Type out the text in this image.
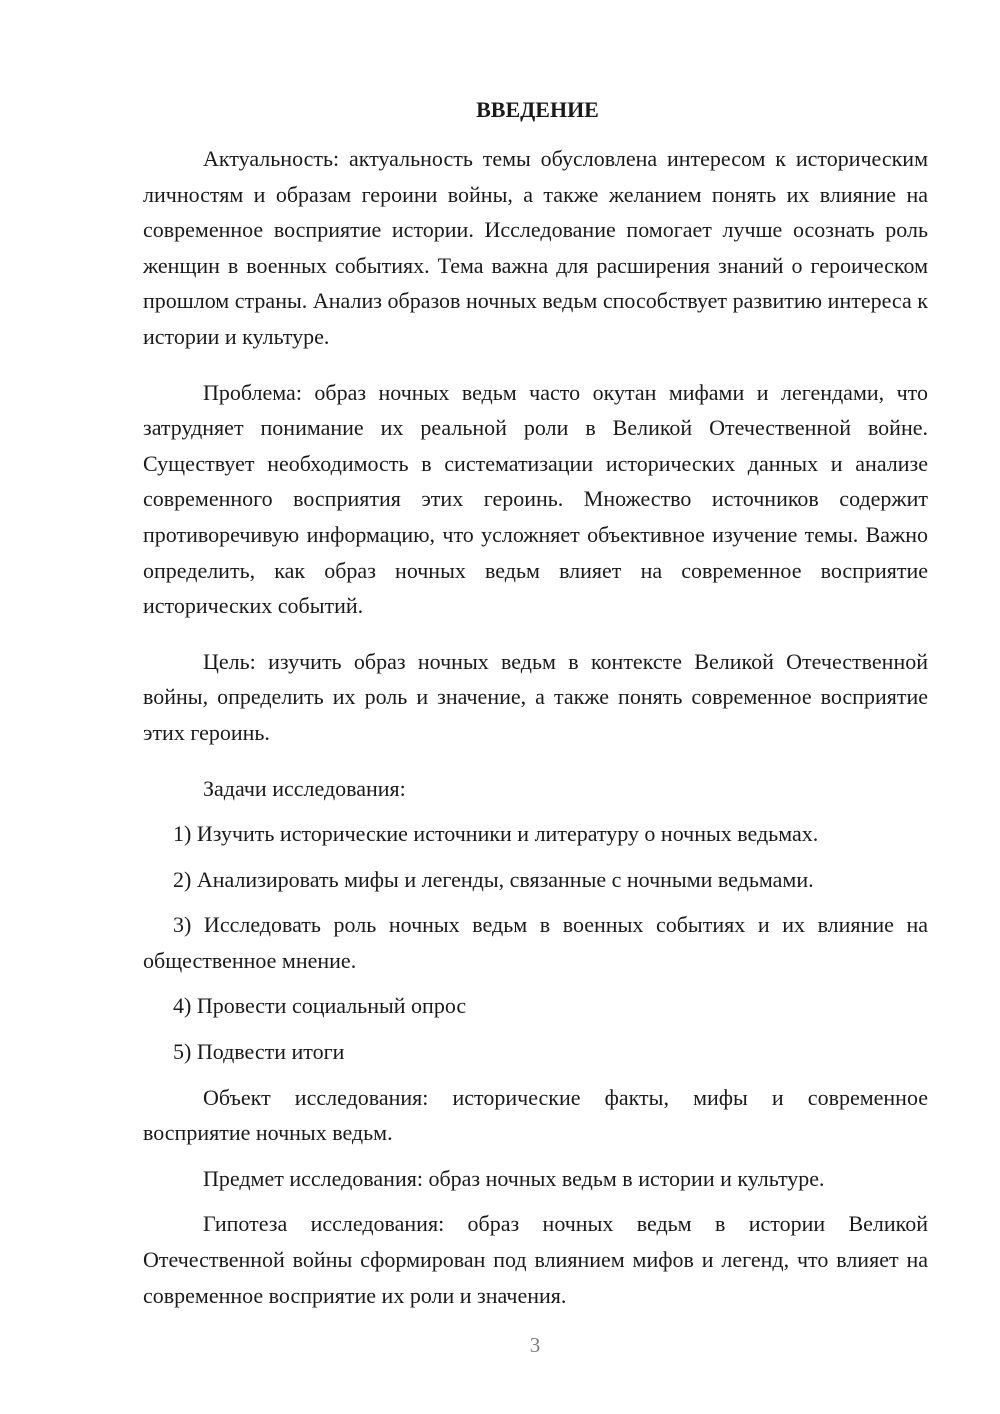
ВВЕДЕНИЕ

Актуальность: актуальность темы обусловлена интересом к историческим личностям и образам героини войны, а также желанием понять их влияние на современное восприятие истории. Исследование помогает лучше осознать роль женщин в военных событиях. Тема важна для расширения знаний о героическом прошлом страны. Анализ образов ночных ведьм способствует развитию интереса к истории и культуре.

Проблема: образ ночных ведьм часто окутан мифами и легендами, что затрудняет понимание их реальной роли в Великой Отечественной войне. Существует необходимость в систематизации исторических данных и анализе современного восприятия этих героинь. Множество источников содержит противоречивую информацию, что усложняет объективное изучение темы. Важно определить, как образ ночных ведьм влияет на современное восприятие исторических событий.

Цель: изучить образ ночных ведьм в контексте Великой Отечественной войны, определить их роль и значение, а также понять современное восприятие этих героинь.

Задачи исследования:

1) Изучить исторические источники и литературу о ночных ведьмах.

2) Анализировать мифы и легенды, связанные с ночными ведьмами.

3) Исследовать роль ночных ведьм в военных событиях и их влияние на общественное мнение.

4) Провести социальный опрос

5) Подвести итоги

Объект исследования: исторические факты, мифы и современное восприятие ночных ведьм.

Предмет исследования: образ ночных ведьм в истории и культуре.

Гипотеза исследования: образ ночных ведьм в истории Великой Отечественной войны сформирован под влиянием мифов и легенд, что влияет на современное восприятие их роли и значения.

3
